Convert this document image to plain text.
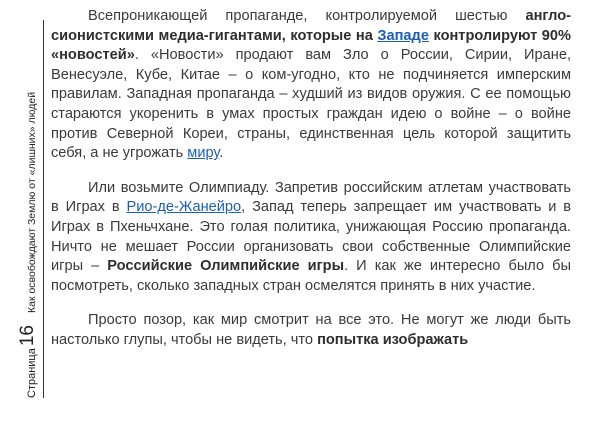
Страница
16
Как освобождают Землю от «лишних» людей

Всепроникающей пропаганде, контролируемой шестью англо-сионистскими медиа-гигантами, которые на Западе контролируют 90% «новостей». «Новости» продают вам Зло о России, Сирии, Иране, Венесуэле, Кубе, Китае – о ком-угодно, кто не подчиняется имперским правилам. Западная пропаганда – худший из видов оружия. С ее помощью стараются укоренить в умах простых граждан идею о войне – о войне против Северной Кореи, страны, единственная цель которой защитить себя, а не угрожать миру.

Или возьмите Олимпиаду. Запретив российским атлетам участвовать в Играх в Рио-де-Жанейро, Запад теперь запрещает им участвовать и в Играх в Пхеньчхане. Это голая политика, унижающая Россию пропаганда. Ничто не мешает России организовать свои собственные Олимпийские игры – Российские Олимпийские игры. И как же интересно было бы посмотреть, сколько западных стран осмелятся принять в них участие.

Просто позор, как мир смотрит на все это. Не могут же люди быть настолько глупы, чтобы не видеть, что попытка изображать
